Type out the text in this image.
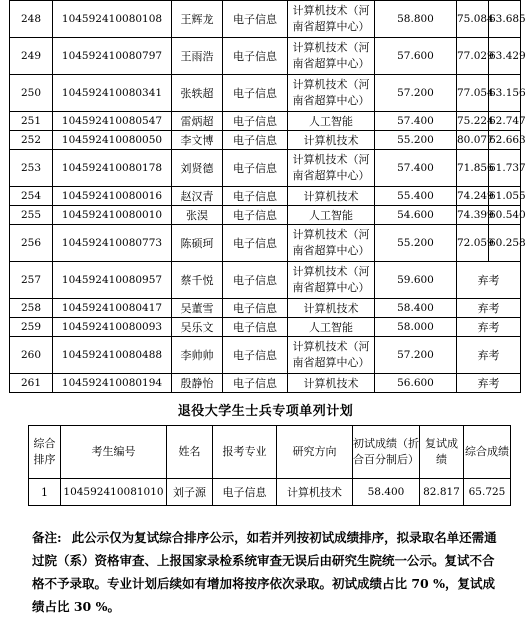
248	10459241008010​8	王辉龙	电子信息	计算机技术（河南省超算中心）	58.800	75.084	63.685
249	104592410080797	王雨浩	电子信息	计算机技术（河南省超算中心）	57.600	77.029	63.429
250	104592410080341	张轶超	电子信息	计算机技术（河南省超算中心）	57.200	77.054	63.156
251	104592410080547	雷炳超	电子信息	人工智能	57.400	75.224	62.747
252	104592410080050	李文博	电子信息	计算机技术	55.200	80.077	62.663
253	104592410080178	刘贤德	电子信息	计算机技术（河南省超算中心）	57.400	71.856	61.737
254	104592410080016	赵汉青	电子信息	计算机技术	55.400	74.249	61.055
255	104592410080010	张淏	电子信息	人工智能	54.600	74.399	60.540
256	104592410080773	陈硕珂	电子信息	计算机技术（河南省超算中心）	55.200	72.059	60.258
257	104592410080957	蔡千悦	电子信息	计算机技术（河南省超算中心）	59.600	弃考	
258	104592410080417	吴董雪	电子信息	计算机技术	58.400	弃考	
259	104592410080093	吴乐文	电子信息	人工智能	58.000	弃考	
260	104592410080488	李帅帅	电子信息	计算机技术（河南省超算中心）	57.200	弃考	
261	104592410080194	殷静怡	电子信息	计算机技术	56.600	弃考	
退役大学生士兵专项单列计划
综合排序	考生编号	姓名	报考专业	研究方向	初试成绩（折合百分制后）	复试成绩	综合成绩
1	104592410081010	刘子源	电子信息	计算机技术	58.400	82.817	65.725
备注: 此公示仅为复试综合排序公示，如若并列按初试成绩排序，拟录取名单还需通过院（系）资格审查、上报国家录检系统审查无误后由研究生院统一公示。复试不合格不予录取。专业计划后续如有增加将按序依次录取。初试成绩占比 70 %，复试成绩占比 30 %。
